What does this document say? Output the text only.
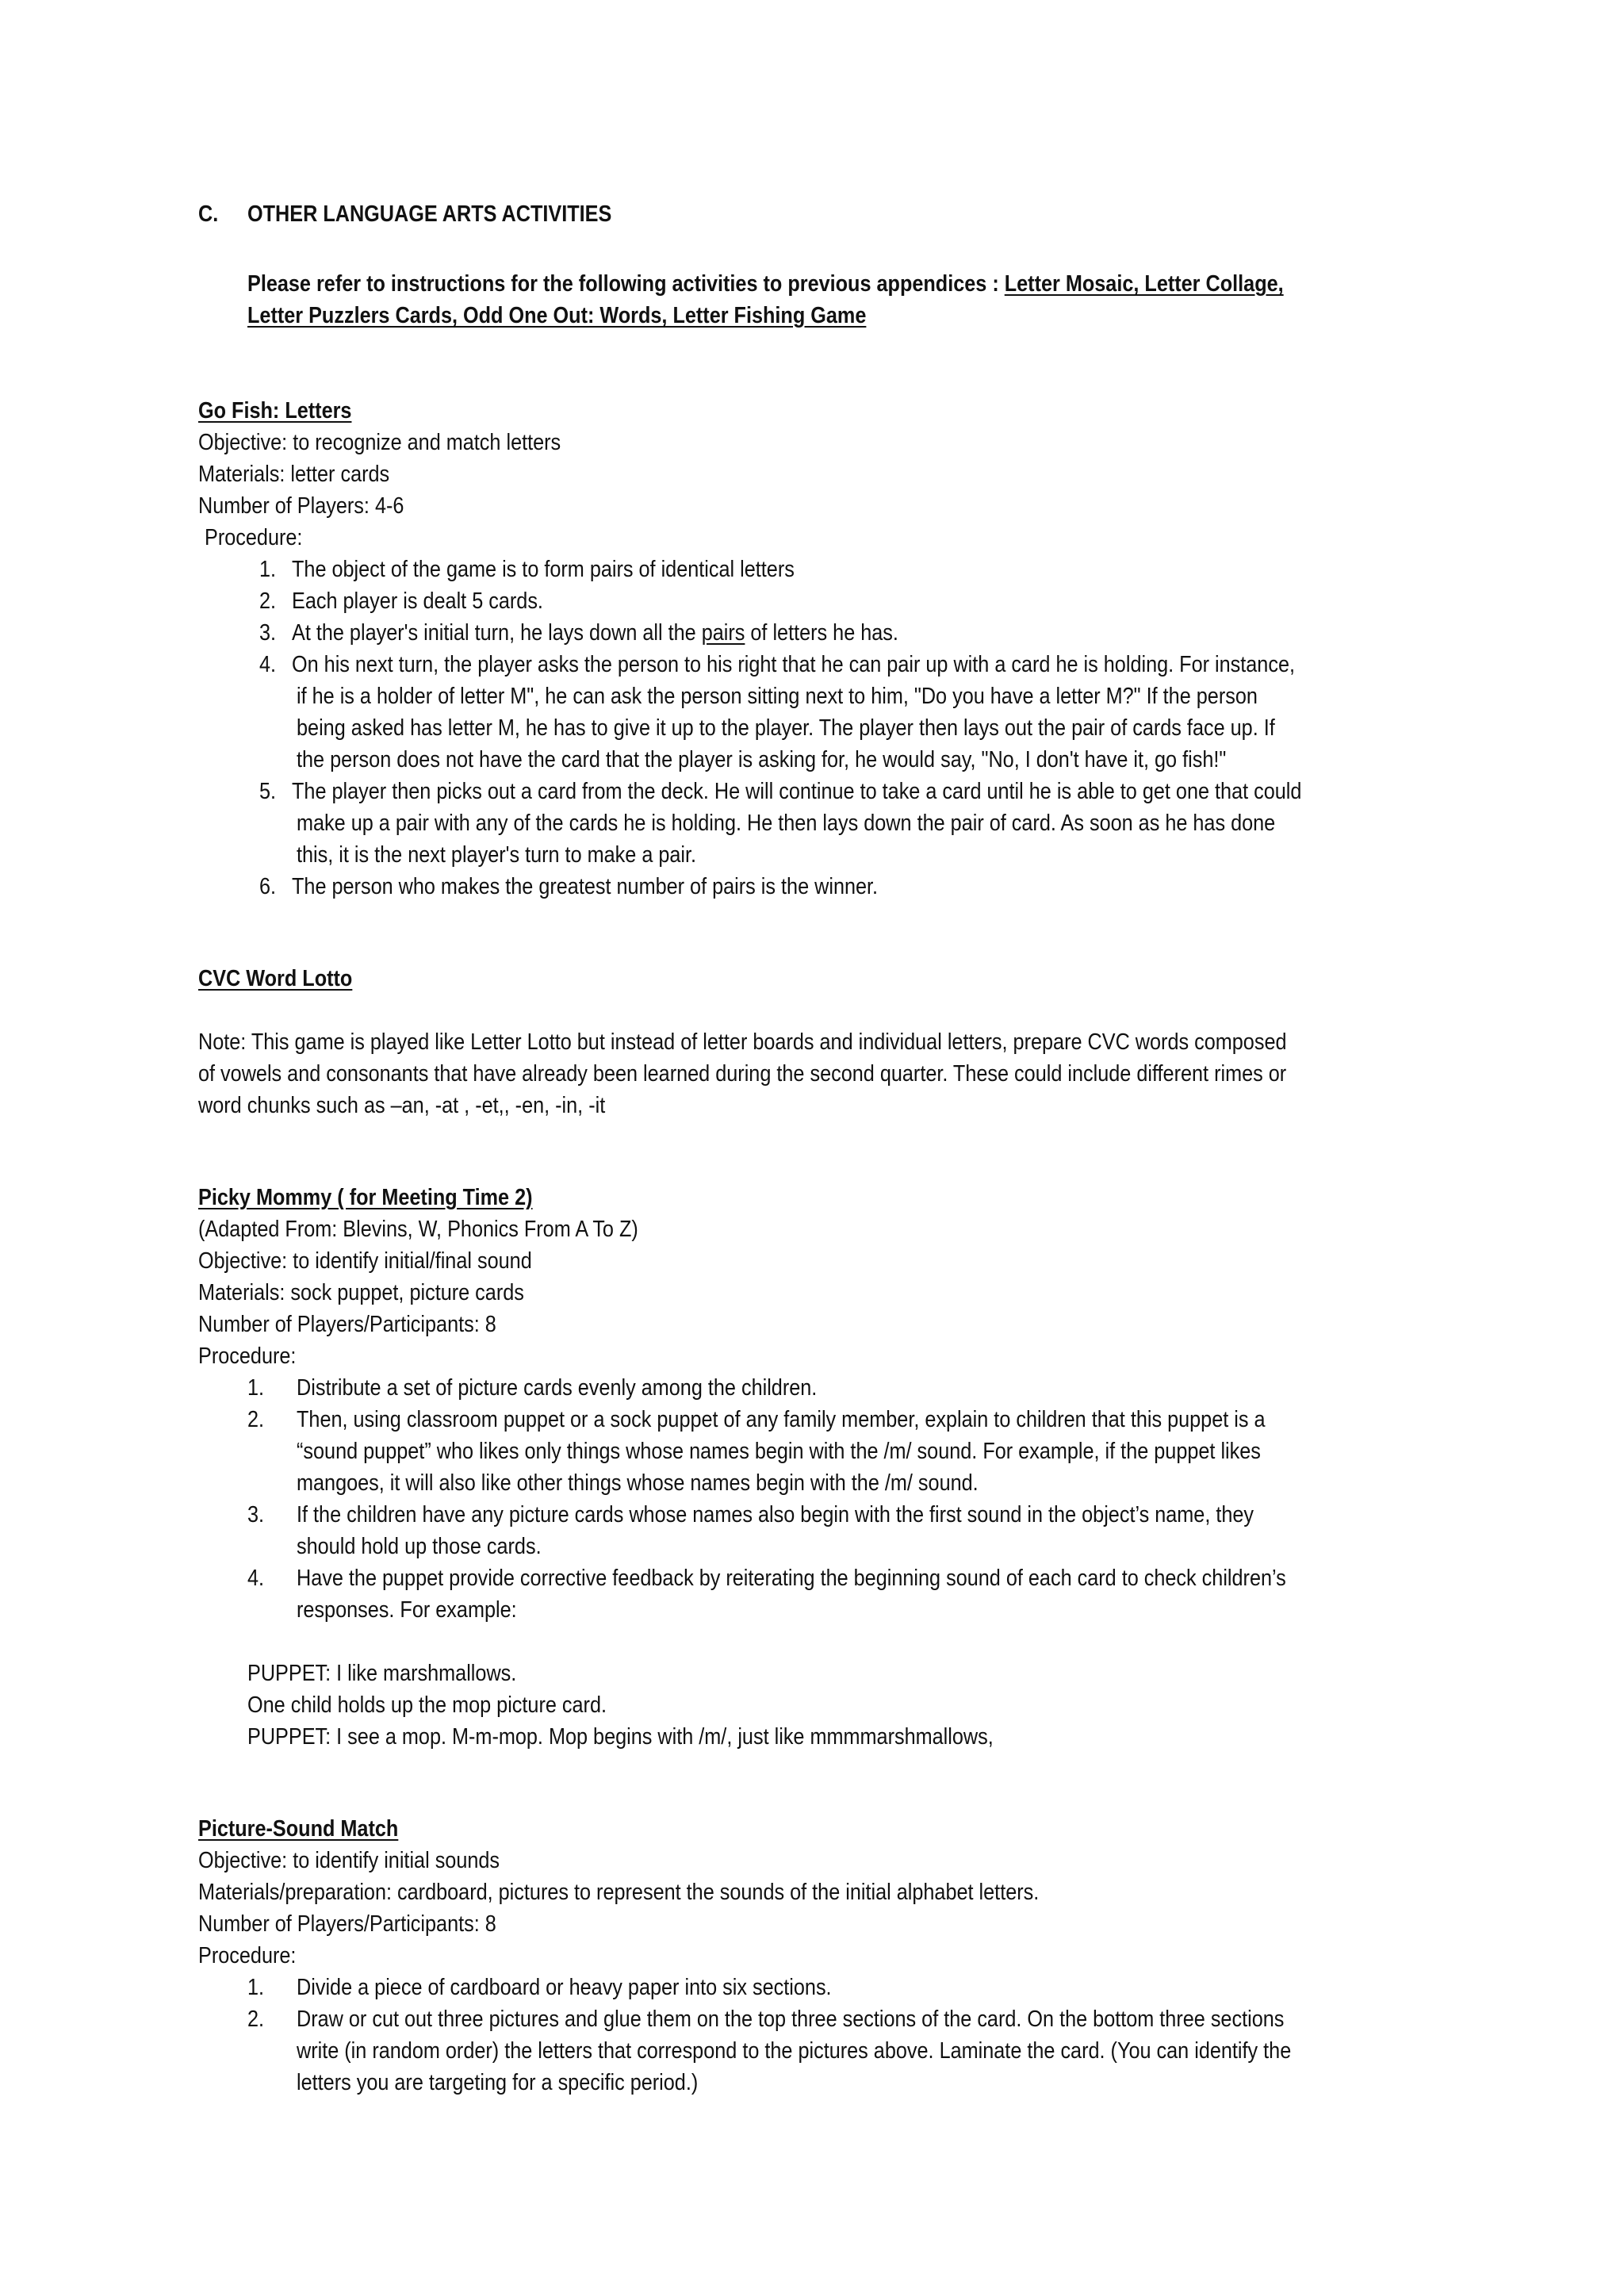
C. OTHER LANGUAGE ARTS ACTIVITIES
Please refer to instructions for the following activities to previous appendices : Letter Mosaic, Letter Collage,
Letter Puzzlers Cards, Odd One Out: Words, Letter Fishing Game
Go Fish: Letters
Objective: to recognize and match letters
Materials: letter cards
Number of Players: 4-6
Procedure:
1. The object of the game is to form pairs of identical letters
2. Each player is dealt 5 cards.
3. At the player's initial turn, he lays down all the pairs of letters he has.
4. On his next turn, the player asks the person to his right that he can pair up with a card he is holding. For instance,
if he is a holder of letter M", he can ask the person sitting next to him, "Do you have a letter M?" If the person
being asked has letter M, he has to give it up to the player. The player then lays out the pair of cards face up. If
the person does not have the card that the player is asking for, he would say, "No, I don't have it, go fish!"
5. The player then picks out a card from the deck. He will continue to take a card until he is able to get one that could
make up a pair with any of the cards he is holding. He then lays down the pair of card. As soon as he has done
this, it is the next player's turn to make a pair.
6. The person who makes the greatest number of pairs is the winner.
CVC Word Lotto
Note: This game is played like Letter Lotto but instead of letter boards and individual letters, prepare CVC words composed
of vowels and consonants that have already been learned during the second quarter. These could include different rimes or
word chunks such as –an, -at , -et,, -en, -in, -it
Picky Mommy ( for Meeting Time 2)
(Adapted From: Blevins, W, Phonics From A To Z)
Objective: to identify initial/final sound
Materials: sock puppet, picture cards
Number of Players/Participants: 8
Procedure:
1. Distribute a set of picture cards evenly among the children.
2. Then, using classroom puppet or a sock puppet of any family member, explain to children that this puppet is a
“sound puppet” who likes only things whose names begin with the /m/ sound. For example, if the puppet likes
mangoes, it will also like other things whose names begin with the /m/ sound.
3. If the children have any picture cards whose names also begin with the first sound in the object’s name, they
should hold up those cards.
4. Have the puppet provide corrective feedback by reiterating the beginning sound of each card to check children’s
responses. For example:
PUPPET: I like marshmallows.
One child holds up the mop picture card.
PUPPET: I see a mop. M-m-mop. Mop begins with /m/, just like mmmmarshmallows,
Picture-Sound Match
Objective: to identify initial sounds
Materials/preparation: cardboard, pictures to represent the sounds of the initial alphabet letters.
Number of Players/Participants: 8
Procedure:
1. Divide a piece of cardboard or heavy paper into six sections.
2. Draw or cut out three pictures and glue them on the top three sections of the card. On the bottom three sections
write (in random order) the letters that correspond to the pictures above. Laminate the card. (You can identify the
letters you are targeting for a specific period.)
